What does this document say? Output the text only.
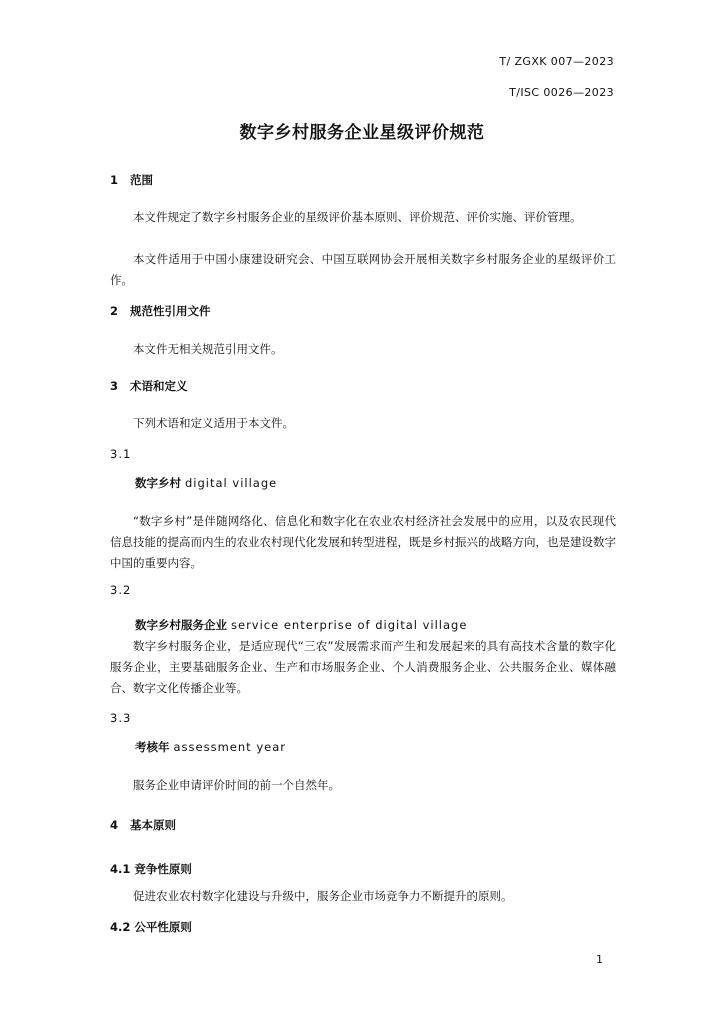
T/ ZGXK 007—2023
T/ISC 0026—2023
数字乡村服务企业星级评价规范
1 范围
本文件规定了数字乡村服务企业的星级评价基本原则、评价规范、评价实施、评价管理。
本文件适用于中国小康建设研究会、中国互联网协会开展相关数字乡村服务企业的星级评价工作。
2 规范性引用文件
本文件无相关规范引用文件。
3 术语和定义
下列术语和定义适用于本文件。
3.1
数字乡村 digital village
“数字乡村”是伴随网络化、信息化和数字化在农业农村经济社会发展中的应用，以及农民现代信息技能的提高而内生的农业农村现代化发展和转型进程，既是乡村振兴的战略方向，也是建设数字中国的重要内容。
3.2
数字乡村服务企业 service enterprise of digital village
数字乡村服务企业，是适应现代“三农”发展需求而产生和发展起来的具有高技术含量的数字化服务企业，主要基础服务企业、生产和市场服务企业、个人消费服务企业、公共服务企业、媒体融合、数字文化传播企业等。
3.3
考核年 assessment year
服务企业申请评价时间的前一个自然年。
4 基本原则
4.1 竞争性原则
促进农业农村数字化建设与升级中，服务企业市场竞争力不断提升的原则。
4.2 公平性原则
1
